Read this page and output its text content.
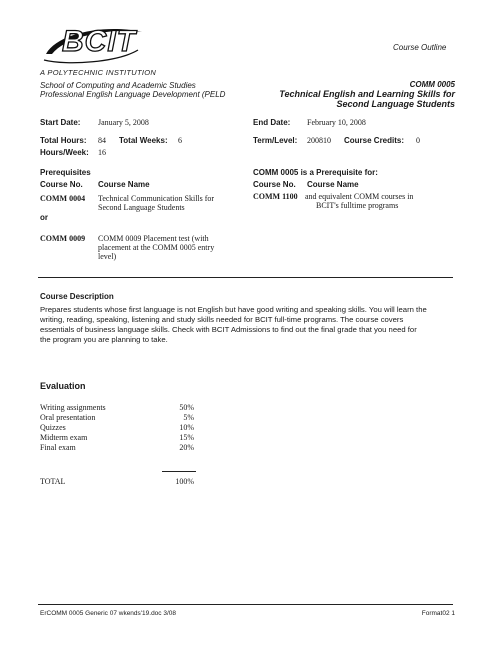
BCIT
A POLYTECHNIC INSTITUTION
Course Outline
School of Computing and Academic Studies
Professional English Language Development (PELD
COMM 0005
Technical English and Learning Skills for
Second Language Students
Start Date: January 5, 2008	End Date: February 10, 2008
Total Hours: 84 Total Weeks: 6	Term/Level: 200810 Course Credits: 0
Hours/Week: 16
Prerequisites
Course No. Course Name
COMM 0004 Technical Communication Skills for
Second Language Students
or
COMM 0009 COMM 0009 Placement test (with
placement at the COMM 0005 entry
level)
COMM 0005 is a Prerequisite for:
Course No. Course Name
COMM 1100 and equivalent COMM courses in
BCIT's fulltime programs
Course Description
Prepares students whose first language is not English but have good writing and speaking skills. You will learn the
writing, reading, speaking, listening and study skills needed for BCIT full-time programs. The course covers
essentials of business language skills. Check with BCIT Admissions to find out the final grade that you need for
the program you are planning to take.
Evaluation
Writing assignments	50%
Oral presentation	5%
Quizzes	10%
Midterm exam	15%
Final exam	20%
TOTAL	100%
ErCOMM 0005 Generic 07 wkends'19.doc 3/08	Format02 1
